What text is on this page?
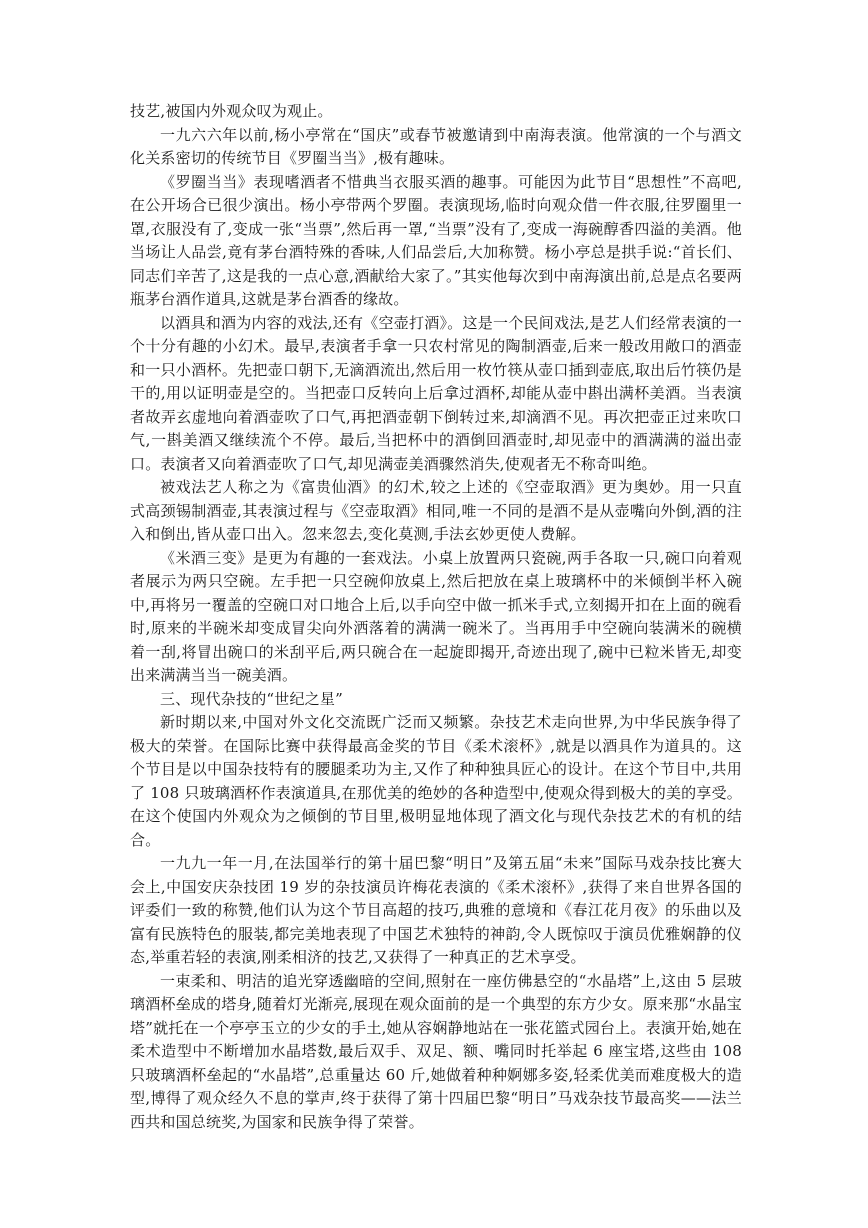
技艺,被国内外观众叹为观止。

一九六六年以前,杨小亭常在“国庆”或春节被邀请到中南海表演。他常演的一个与酒文化关系密切的传统节目《罗圈当当》,极有趣味。

《罗圈当当》表现嗜酒者不惜典当衣服买酒的趣事。可能因为此节目“思想性”不高吧,在公开场合已很少演出。杨小亭带两个罗圈。表演现场,临时向观众借一件衣服,往罗圈里一罩,衣服没有了,变成一张“当票”,然后再一罩,“当票”没有了,变成一海碗醇香四溢的美酒。他当场让人品尝,竟有茅台酒特殊的香味,人们品尝后,大加称赞。杨小亭总是拱手说:“首长们、同志们辛苦了,这是我的一点心意,酒献给大家了。”其实他每次到中南海演出前,总是点名要两瓶茅台酒作道具,这就是茅台酒香的缘故。

以酒具和酒为内容的戏法,还有《空壶打酒》。这是一个民间戏法,是艺人们经常表演的一个十分有趣的小幻术。最早,表演者手拿一只农村常见的陶制酒壶,后来一般改用敞口的酒壶和一只小酒杯。先把壶口朝下,无滴酒流出,然后用一枚竹筷从壶口插到壶底,取出后竹筷仍是干的,用以证明壶是空的。当把壶口反转向上后拿过酒杯,却能从壶中斟出满杯美酒。当表演者故弄玄虚地向着酒壶吹了口气,再把酒壶朝下倒转过来,却滴酒不见。再次把壶正过来吹口气,一斟美酒又继续流个不停。最后,当把杯中的酒倒回酒壶时,却见壶中的酒满满的溢出壶口。表演者又向着酒壶吹了口气,却见满壶美酒骤然消失,使观者无不称奇叫绝。

被戏法艺人称之为《富贵仙酒》的幻术,较之上述的《空壶取酒》更为奥妙。用一只直式高颈锡制酒壶,其表演过程与《空壶取酒》相同,唯一不同的是酒不是从壶嘴向外倒,酒的注入和倒出,皆从壶口出入。忽来忽去,变化莫测,手法玄妙更使人费解。

《米酒三变》是更为有趣的一套戏法。小桌上放置两只瓷碗,两手各取一只,碗口向着观者展示为两只空碗。左手把一只空碗仰放桌上,然后把放在桌上玻璃杯中的米倾倒半杯入碗中,再将另一覆盖的空碗口对口地合上后,以手向空中做一抓米手式,立刻揭开扣在上面的碗看时,原来的半碗米却变成冒尖向外洒落着的满满一碗米了。当再用手中空碗向装满米的碗横着一刮,将冒出碗口的米刮平后,两只碗合在一起旋即揭开,奇迹出现了,碗中已粒米皆无,却变出来满满当当一碗美酒。

三、现代杂技的“世纪之星”

新时期以来,中国对外文化交流既广泛而又频繁。杂技艺术走向世界,为中华民族争得了极大的荣誉。在国际比赛中获得最高金奖的节目《柔术滚杯》,就是以酒具作为道具的。这个节目是以中国杂技特有的腰腿柔功为主,又作了种种独具匠心的设计。在这个节目中,共用了 108 只玻璃酒杯作表演道具,在那优美的绝妙的各种造型中,使观众得到极大的美的享受。在这个使国内外观众为之倾倒的节目里,极明显地体现了酒文化与现代杂技艺术的有机的结合。

一九九一年一月,在法国举行的第十届巴黎“明日”及第五届“未来”国际马戏杂技比赛大会上,中国安庆杂技团 19 岁的杂技演员许梅花表演的《柔术滚杯》,获得了来自世界各国的评委们一致的称赞,他们认为这个节目高超的技巧,典雅的意境和《春江花月夜》的乐曲以及富有民族特色的服装,都完美地表现了中国艺术独特的神韵,令人既惊叹于演员优雅娴静的仪态,举重若轻的表演,刚柔相济的技艺,又获得了一种真正的艺术享受。

一束柔和、明洁的追光穿透幽暗的空间,照射在一座仿佛悬空的“水晶塔”上,这由 5 层玻璃酒杯垒成的塔身,随着灯光渐亮,展现在观众面前的是一个典型的东方少女。原来那“水晶宝塔”就托在一个亭亭玉立的少女的手土,她从容娴静地站在一张花篮式园台上。表演开始,她在柔术造型中不断增加水晶塔数,最后双手、双足、额、嘴同时托举起 6 座宝塔,这些由 108 只玻璃酒杯垒起的“水晶塔”,总重量达 60 斤,她做着种种婀娜多姿,轻柔优美而难度极大的造型,博得了观众经久不息的掌声,终于获得了第十四届巴黎“明日”马戏杂技节最高奖——法兰西共和国总统奖,为国家和民族争得了荣誉。
